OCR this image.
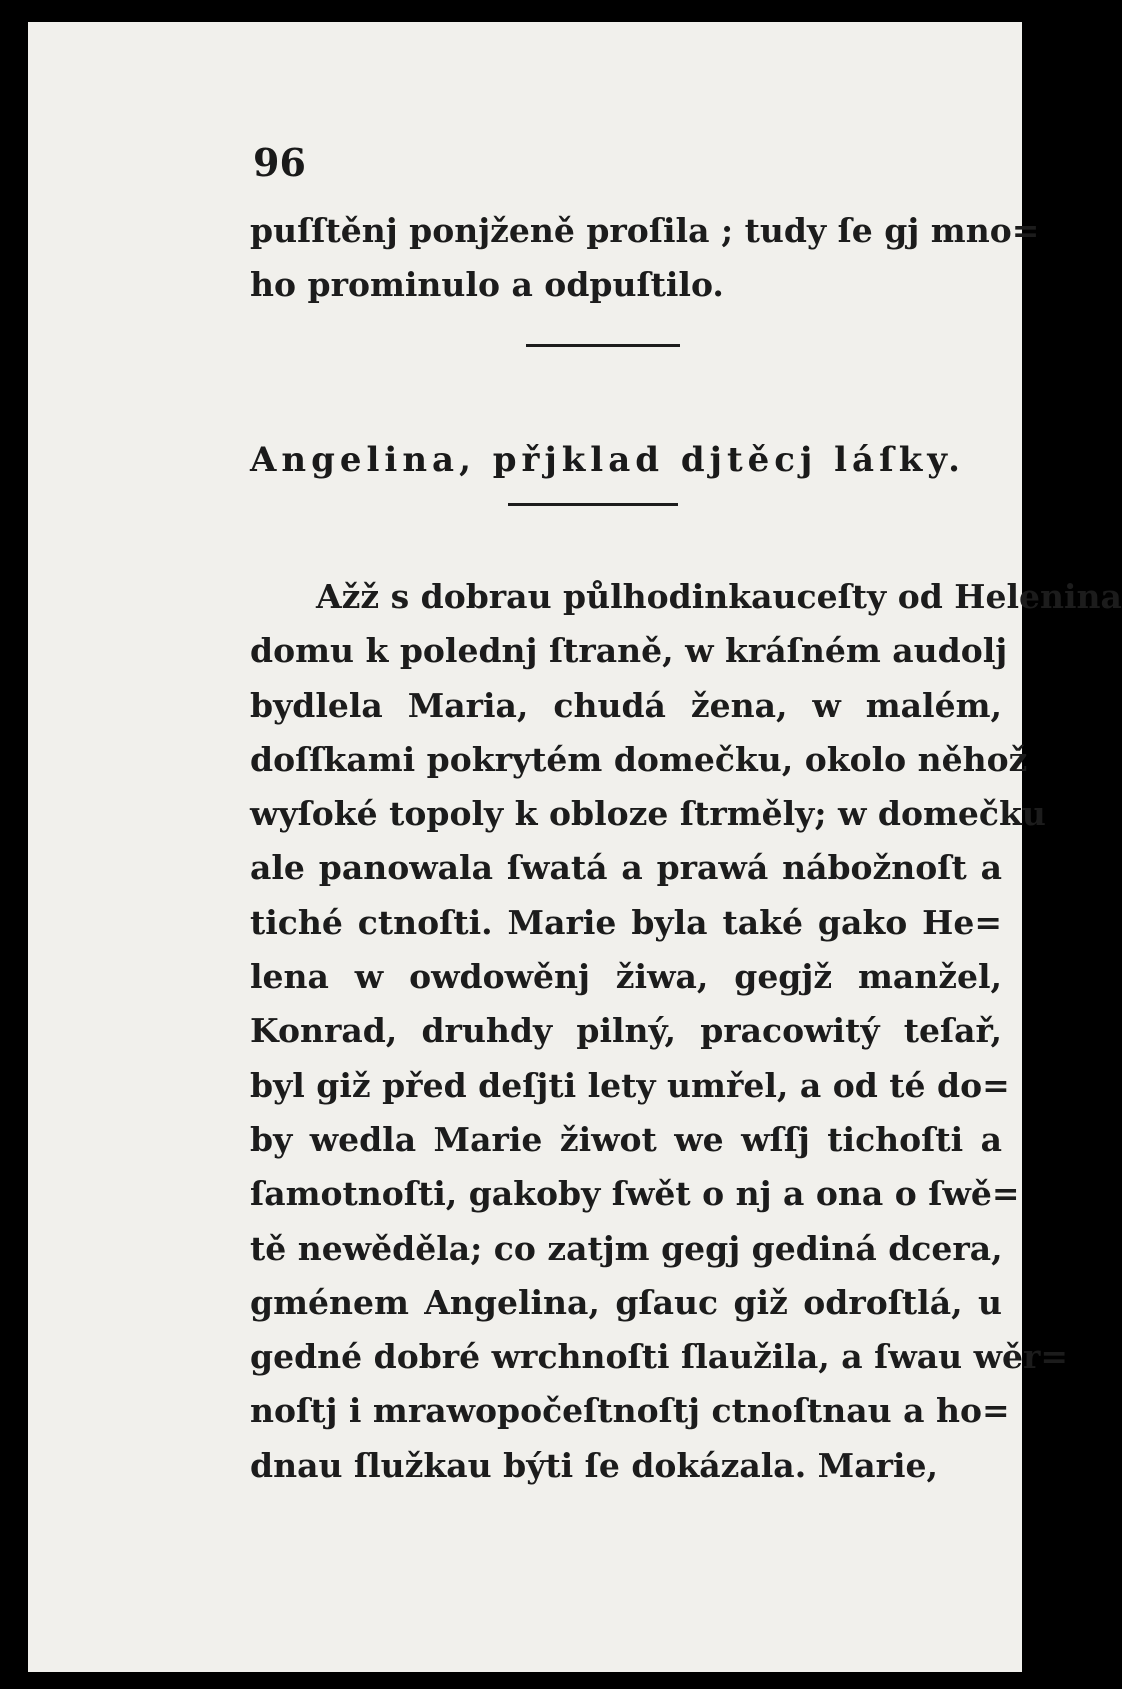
96
puſſtěnj ponjženě proſila ; tudy ſe gj mno=
ho prominulo a odpuſtilo.
Angelina, přjklad djtěcj láſky.
Ažž s dobrau půlhodinkauceſty od Helenina
domu k polednj ſtraně, w kráſném audolj
bydlela Maria, chudá žena, w malém,
doſſkami pokrytém domečku, okolo něhož
wyſoké topoly k obloze ſtrměly; w domečku
ale panowala ſwatá a prawá nábožnoſt a
tiché ctnoſti. Marie byla také gako He=
lena w owdowěnj žiwa, gegjž manžel,
Konrad, druhdy pilný, pracowitý teſař,
byl giž před deſjti lety umřel, a od té do=
by wedla Marie žiwot we wſſj tichoſti a
ſamotnoſti, gakoby ſwět o nj a ona o ſwě=
tě newěděla; co zatjm gegj gediná dcera,
gménem Angelina, gſauc giž odroſtlá, u
gedné dobré wrchnoſti ſlaužila, a ſwau wěr=
noſtj i mrawopočeſtnoſtj ctnoſtnau a ho=
dnau ſlužkau býti ſe dokázala. Marie,
